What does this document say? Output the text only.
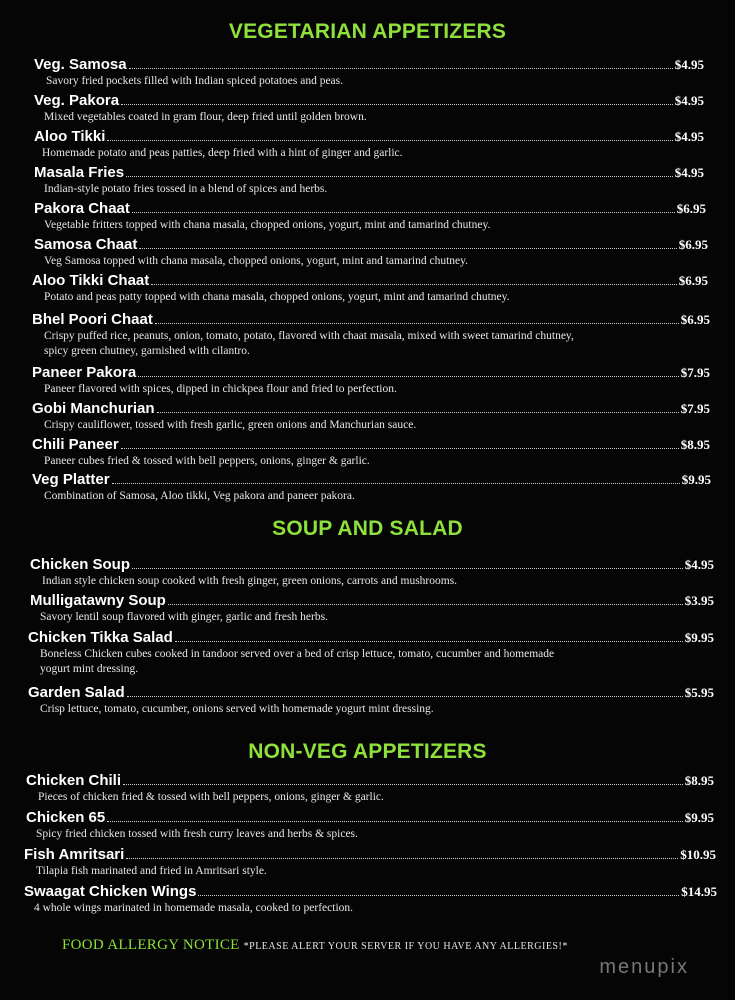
VEGETARIAN APPETIZERS
Veg. Samosa	$4.95
Savory fried pockets filled with Indian spiced potatoes and peas.
Veg. Pakora	$4.95
Mixed vegetables coated in gram flour, deep fried until golden brown.
Aloo Tikki	$4.95
Homemade potato and peas patties, deep fried with a hint of ginger and garlic.
Masala Fries	$4.95
Indian-style potato fries tossed in a blend of spices and herbs.
Pakora Chaat	$6.95
Vegetable fritters topped with chana masala, chopped onions, yogurt, mint and tamarind chutney.
Samosa Chaat	$6.95
Veg Samosa topped with chana masala, chopped onions, yogurt, mint and tamarind chutney.
Aloo Tikki Chaat	$6.95
Potato and peas patty topped with chana masala, chopped onions, yogurt, mint and tamarind chutney.
Bhel Poori Chaat	$6.95
Crispy puffed rice, peanuts, onion, tomato, potato, flavored with chaat masala, mixed with sweet tamarind chutney,
spicy green chutney, garnished with cilantro.
Paneer Pakora	$7.95
Paneer flavored with spices, dipped in chickpea flour and fried to perfection.
Gobi Manchurian	$7.95
Crispy cauliflower, tossed with fresh garlic, green onions and Manchurian sauce.
Chili Paneer	$8.95
Paneer cubes fried & tossed with bell peppers, onions, ginger & garlic.
Veg Platter	$9.95
Combination of Samosa, Aloo tikki, Veg pakora and paneer pakora.
SOUP AND SALAD
Chicken Soup	$4.95
Indian style chicken soup cooked with fresh ginger, green onions, carrots and mushrooms.
Mulligatawny Soup	$3.95
Savory lentil soup flavored with ginger, garlic and fresh herbs.
Chicken Tikka Salad	$9.95
Boneless Chicken cubes cooked in tandoor served over a bed of crisp lettuce, tomato, cucumber and homemade
yogurt mint dressing.
Garden Salad	$5.95
Crisp lettuce, tomato, cucumber, onions served with homemade yogurt mint dressing.
NON-VEG APPETIZERS
Chicken Chili	$8.95
Pieces of chicken fried & tossed with bell peppers, onions, ginger & garlic.
Chicken 65	$9.95
Spicy fried chicken tossed with fresh curry leaves and herbs & spices.
Fish Amritsari	$10.95
Tilapia fish marinated and fried in Amritsari style.
Swaagat Chicken Wings	$14.95
4 whole wings marinated in homemade masala, cooked to perfection.
FOOD ALLERGY NOTICE *PLEASE ALERT YOUR SERVER IF YOU HAVE ANY ALLERGIES!*
menupix
